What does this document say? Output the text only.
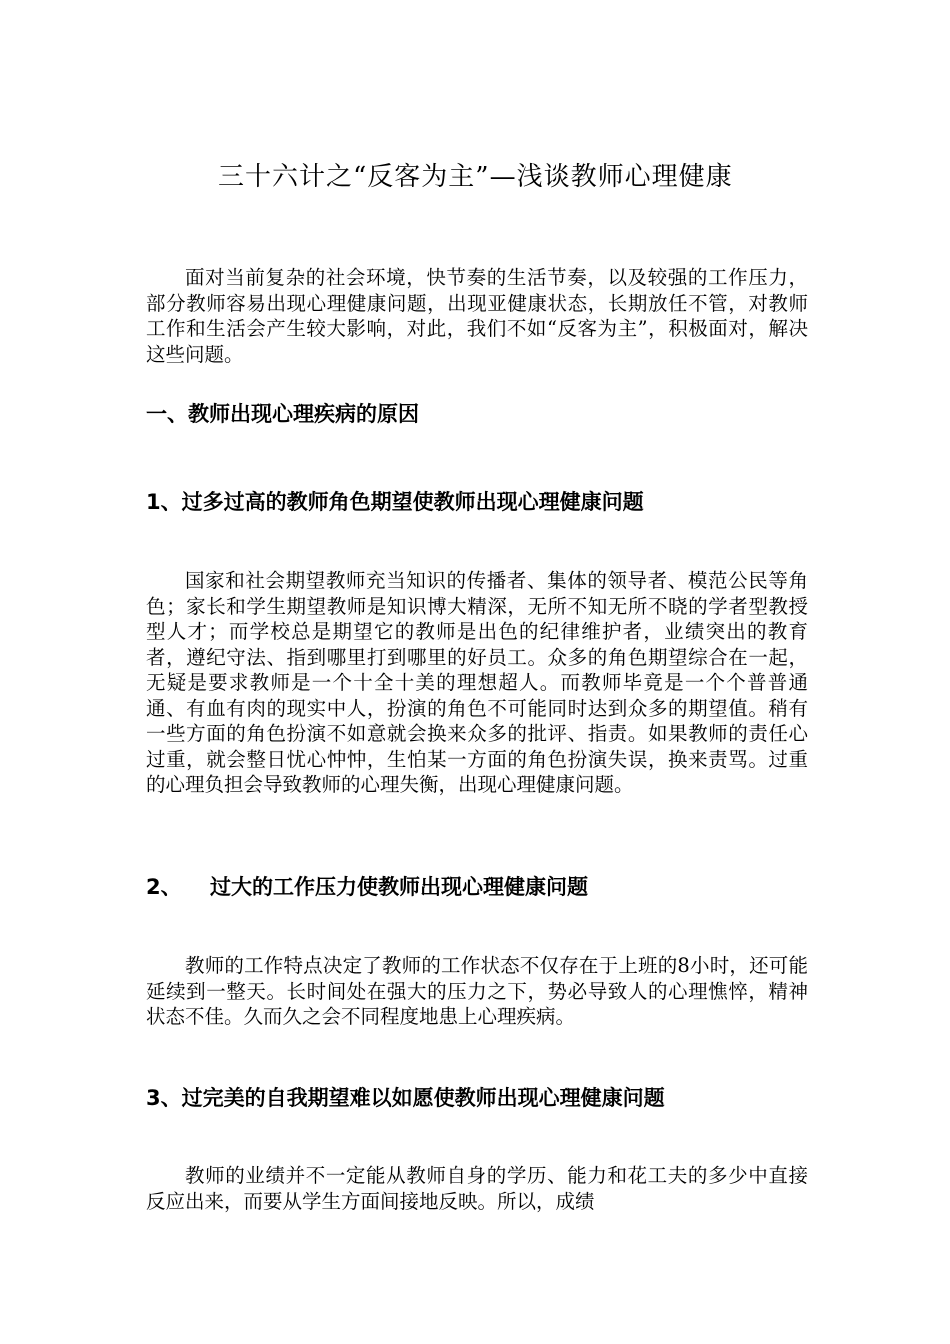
三十六计之“反客为主”—浅谈教师心理健康

面对当前复杂的社会环境，快节奏的生活节奏，以及较强的工作压力，部分教师容易出现心理健康问题，出现亚健康状态，长期放任不管，对教师工作和生活会产生较大影响，对此，我们不如“反客为主”，积极面对，解决这些问题。

一、教师出现心理疾病的原因
1、过多过高的教师角色期望使教师出现心理健康问题

国家和社会期望教师充当知识的传播者、集体的领导者、模范公民等角色；家长和学生期望教师是知识博大精深，无所不知无所不晓的学者型教授型人才；而学校总是期望它的教师是出色的纪律维护者，业绩突出的教育者，遵纪守法、指到哪里打到哪里的好员工。众多的角色期望综合在一起，无疑是要求教师是一个十全十美的理想超人。而教师毕竟是一个个普普通通、有血有肉的现实中人，扮演的角色不可能同时达到众多的期望值。稍有一些方面的角色扮演不如意就会换来众多的批评、指责。如果教师的责任心过重，就会整日忧心忡忡，生怕某一方面的角色扮演失误，换来责骂。过重的心理负担会导致教师的心理失衡，出现心理健康问题。

2、 过大的工作压力使教师出现心理健康问题

教师的工作特点决定了教师的工作状态不仅存在于上班的8小时，还可能延续到一整天。长时间处在强大的压力之下，势必导致人的心理憔悴，精神状态不佳。久而久之会不同程度地患上心理疾病。

3、过完美的自我期望难以如愿使教师出现心理健康问题

教师的业绩并不一定能从教师自身的学历、能力和花工夫的多少中直接反应出来，而要从学生方面间接地反映。所以，成绩
